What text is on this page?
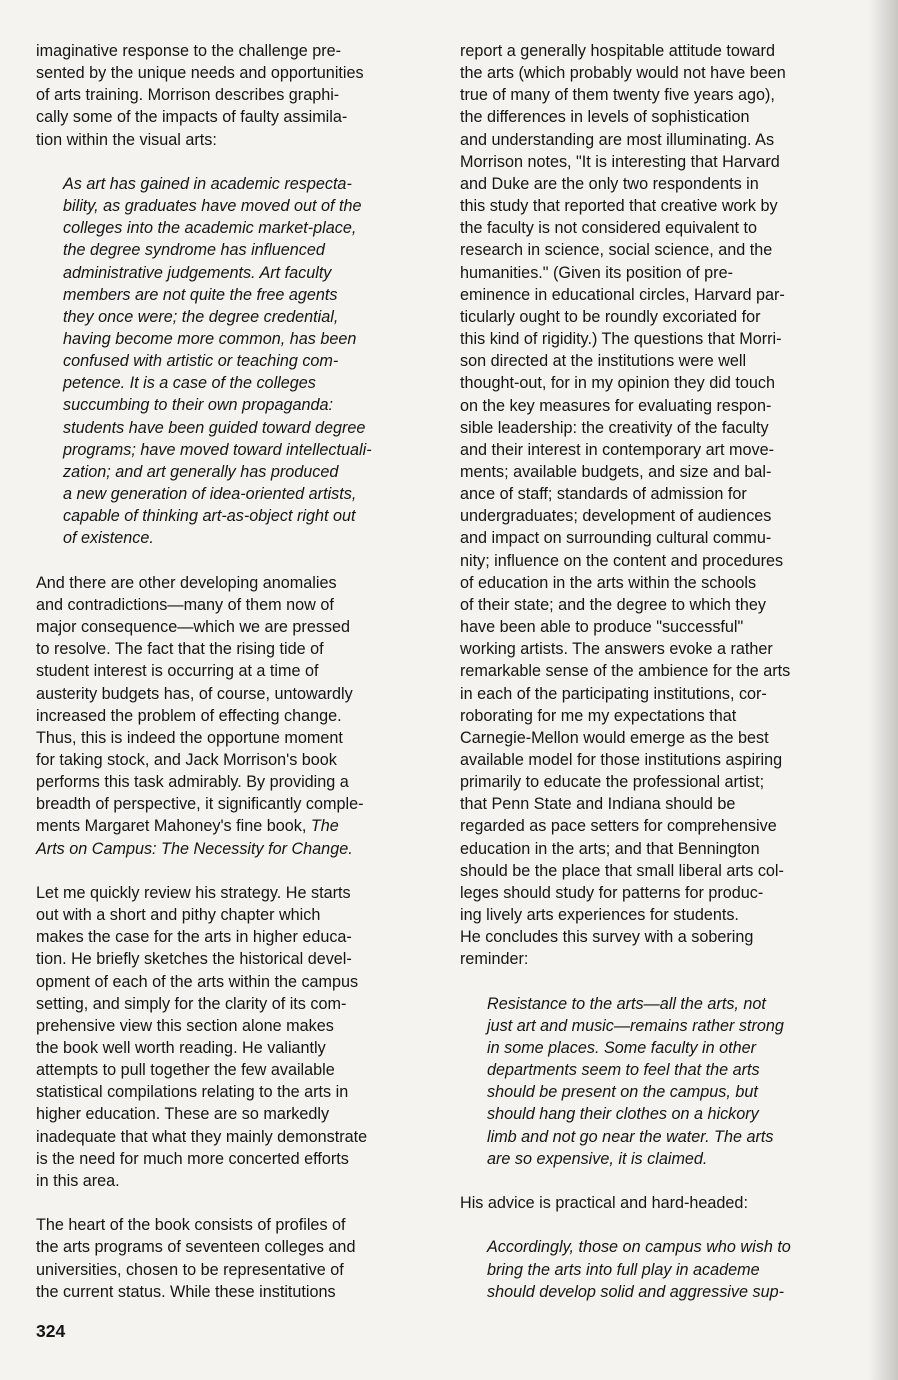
imaginative response to the challenge pre-
sented by the unique needs and opportunities
of arts training. Morrison describes graphi-
cally some of the impacts of faulty assimila-
tion within the visual arts:

As art has gained in academic respecta-
bility, as graduates have moved out of the
colleges into the academic market-place,
the degree syndrome has influenced
administrative judgements. Art faculty
members are not quite the free agents
they once were; the degree credential,
having become more common, has been
confused with artistic or teaching com-
petence. It is a case of the colleges
succumbing to their own propaganda:
students have been guided toward degree
programs; have moved toward intellectuali-
zation; and art generally has produced
a new generation of idea-oriented artists,
capable of thinking art-as-object right out
of existence.

And there are other developing anomalies
and contradictions—many of them now of
major consequence—which we are pressed
to resolve. The fact that the rising tide of
student interest is occurring at a time of
austerity budgets has, of course, untowardly
increased the problem of effecting change.
Thus, this is indeed the opportune moment
for taking stock, and Jack Morrison's book
performs this task admirably. By providing a
breadth of perspective, it significantly comple-
ments Margaret Mahoney's fine book, The
Arts on Campus: The Necessity for Change.

Let me quickly review his strategy. He starts
out with a short and pithy chapter which
makes the case for the arts in higher educa-
tion. He briefly sketches the historical devel-
opment of each of the arts within the campus
setting, and simply for the clarity of its com-
prehensive view this section alone makes
the book well worth reading. He valiantly
attempts to pull together the few available
statistical compilations relating to the arts in
higher education. These are so markedly
inadequate that what they mainly demonstrate
is the need for much more concerted efforts
in this area.

The heart of the book consists of profiles of
the arts programs of seventeen colleges and
universities, chosen to be representative of
the current status. While these institutions

report a generally hospitable attitude toward
the arts (which probably would not have been
true of many of them twenty five years ago),
the differences in levels of sophistication
and understanding are most illuminating. As
Morrison notes, "It is interesting that Harvard
and Duke are the only two respondents in
this study that reported that creative work by
the faculty is not considered equivalent to
research in science, social science, and the
humanities." (Given its position of pre-
eminence in educational circles, Harvard par-
ticularly ought to be roundly excoriated for
this kind of rigidity.) The questions that Morri-
son directed at the institutions were well
thought-out, for in my opinion they did touch
on the key measures for evaluating respon-
sible leadership: the creativity of the faculty
and their interest in contemporary art move-
ments; available budgets, and size and bal-
ance of staff; standards of admission for
undergraduates; development of audiences
and impact on surrounding cultural commu-
nity; influence on the content and procedures
of education in the arts within the schools
of their state; and the degree to which they
have been able to produce "successful"
working artists. The answers evoke a rather
remarkable sense of the ambience for the arts
in each of the participating institutions, cor-
roborating for me my expectations that
Carnegie-Mellon would emerge as the best
available model for those institutions aspiring
primarily to educate the professional artist;
that Penn State and Indiana should be
regarded as pace setters for comprehensive
education in the arts; and that Bennington
should be the place that small liberal arts col-
leges should study for patterns for produc-
ing lively arts experiences for students.
He concludes this survey with a sobering
reminder:

Resistance to the arts—all the arts, not
just art and music—remains rather strong
in some places. Some faculty in other
departments seem to feel that the arts
should be present on the campus, but
should hang their clothes on a hickory
limb and not go near the water. The arts
are so expensive, it is claimed.

His advice is practical and hard-headed:

Accordingly, those on campus who wish to
bring the arts into full play in academe
should develop solid and aggressive sup-

324
